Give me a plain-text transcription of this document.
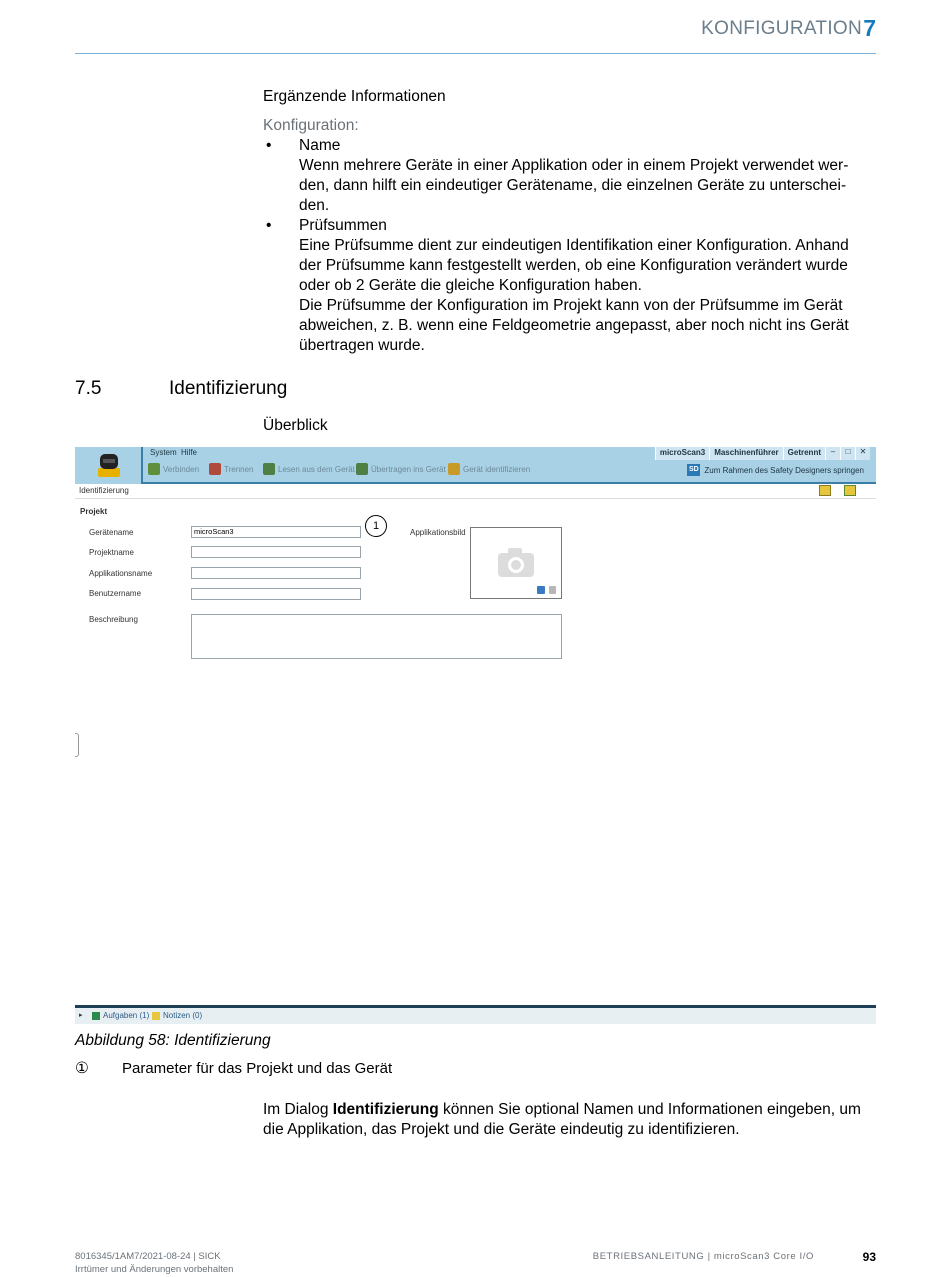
KONFIGURATION 7
Ergänzende Informationen
Konfiguration:
• Name
Wenn mehrere Geräte in einer Applikation oder in einem Projekt verwendet wer-
den, dann hilft ein eindeutiger Gerätename, die einzelnen Geräte zu unterschei-
den.
• Prüfsummen
Eine Prüfsumme dient zur eindeutigen Identifikation einer Konfiguration. Anhand
der Prüfsumme kann festgestellt werden, ob eine Konfiguration verändert wurde
oder ob 2 Geräte die gleiche Konfiguration haben.
Die Prüfsumme der Konfiguration im Projekt kann von der Prüfsumme im Gerät
abweichen, z. B. wenn eine Feldgeometrie angepasst, aber noch nicht ins Gerät
übertragen wurde.
7.5	Identifizierung
Überblick
System Hilfe
Verbinden	Trennen	Lesen aus dem Gerät Übertragen ins Gerät Gerät identifizieren
microScan3	Maschinenführer	Getrennt	–	□	✕
SD Zum Rahmen des Safety Designers springen
Identifizierung
Projekt
Gerätename	microScan3
Projektname
Applikationsname
Benutzername
1
Applikationsbild
Beschreibung
▸	Aufgaben (1) Notizen (0)
Abbildung 58: Identifizierung
① Parameter für das Projekt und das Gerät
Im Dialog Identifizierung können Sie optional Namen und Informationen eingeben, um
die Applikation, das Projekt und die Geräte eindeutig zu identifizieren.
8016345/1AM7/2021-08-24 | SICK
Irrtümer und Änderungen vorbehalten
BETRIEBSANLEITUNG | microScan3 Core I/O	93
